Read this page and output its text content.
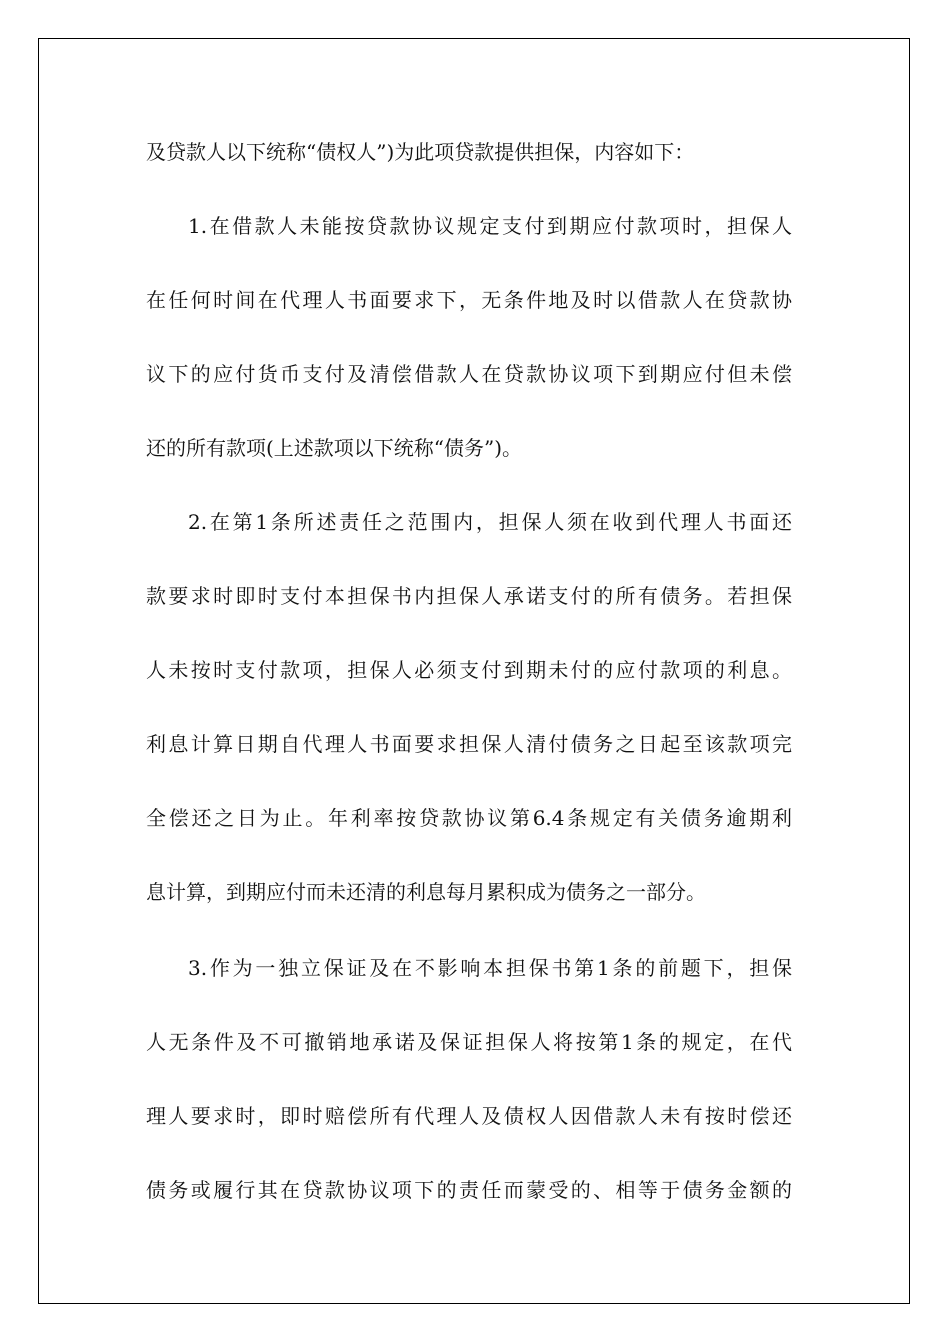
及贷款人以下统称“债权人”)为此项贷款提供担保，内容如下：

1.在借款人未能按贷款协议规定支付到期应付款项时，担保人

在任何时间在代理人书面要求下，无条件地及时以借款人在贷款协

议下的应付货币支付及清偿借款人在贷款协议项下到期应付但未偿

还的所有款项(上述款项以下统称“债务”)。

2.在第1条所述责任之范围内，担保人须在收到代理人书面还

款要求时即时支付本担保书内担保人承诺支付的所有债务。若担保

人未按时支付款项，担保人必须支付到期未付的应付款项的利息。

利息计算日期自代理人书面要求担保人清付债务之日起至该款项完

全偿还之日为止。年利率按贷款协议第6.4条规定有关债务逾期利

息计算，到期应付而未还清的利息每月累积成为债务之一部分。

3.作为一独立保证及在不影响本担保书第1条的前题下，担保

人无条件及不可撤销地承诺及保证担保人将按第1条的规定，在代

理人要求时，即时赔偿所有代理人及债权人因借款人未有按时偿还

债务或履行其在贷款协议项下的责任而蒙受的、相等于债务金额的
